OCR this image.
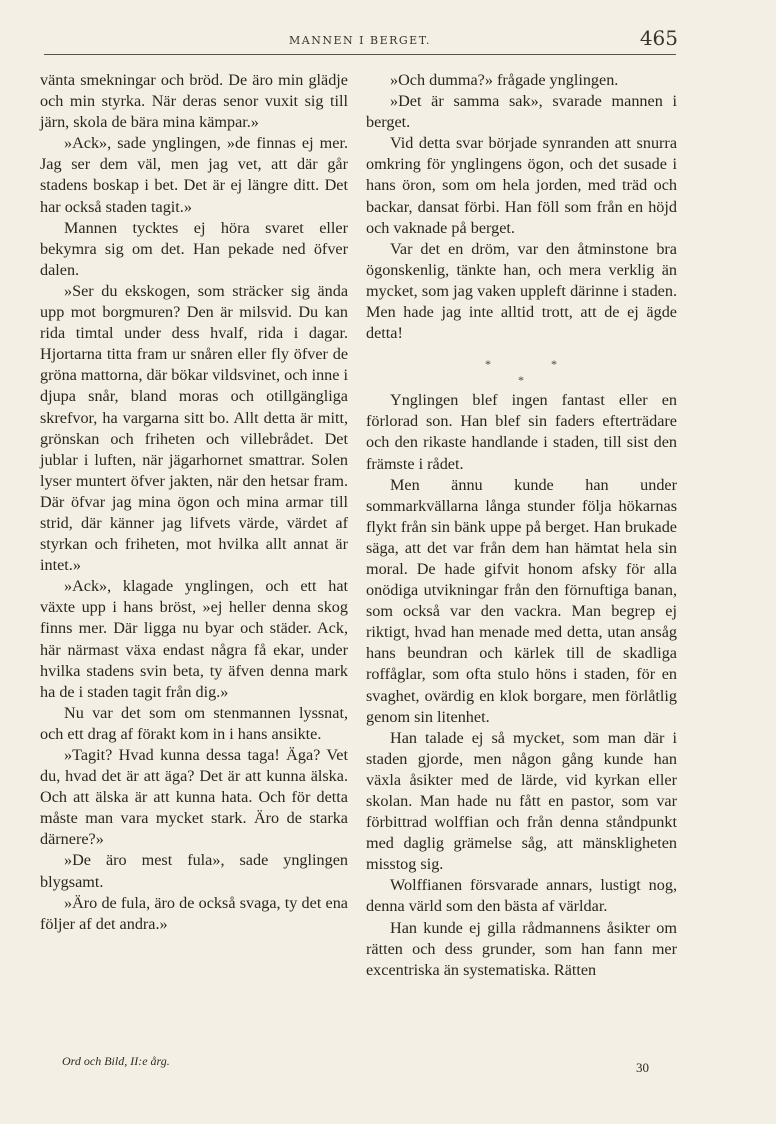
MANNEN I BERGET.	465

vänta smekningar och bröd. De äro min glädje och min styrka. När deras senor vuxit sig till järn, skola de bära mina kämpar.»

»Ack», sade ynglingen, »de finnas ej mer. Jag ser dem väl, men jag vet, att där går stadens boskap i bet. Det är ej längre ditt. Det har också staden tagit.»

Mannen tycktes ej höra svaret eller bekymra sig om det. Han pekade ned öfver dalen.

»Ser du ekskogen, som sträcker sig ända upp mot borgmuren? Den är milsvid. Du kan rida timtal under dess hvalf, rida i dagar. Hjortarna titta fram ur snåren eller fly öfver de gröna mattorna, där bökar vildsvinet, och inne i djupa snår, bland moras och otillgängliga skrefvor, ha vargarna sitt bo. Allt detta är mitt, grönskan och friheten och villebrådet. Det jublar i luften, när jägarhornet smattrar. Solen lyser muntert öfver jakten, när den hetsar fram. Där öfvar jag mina ögon och mina armar till strid, där känner jag lifvets värde, värdet af styrkan och friheten, mot hvilka allt annat är intet.»

»Ack», klagade ynglingen, och ett hat växte upp i hans bröst, »ej heller denna skog finns mer. Där ligga nu byar och städer. Ack, här närmast växa endast några få ekar, under hvilka stadens svin beta, ty äfven denna mark ha de i staden tagit från dig.»

Nu var det som om stenmannen lyssnat, och ett drag af förakt kom in i hans ansikte.

»Tagit? Hvad kunna dessa taga! Äga? Vet du, hvad det är att äga? Det är att kunna älska. Och att älska är att kunna hata. Och för detta måste man vara mycket stark. Äro de starka därnere?»

»De äro mest fula», sade ynglingen blygsamt.

»Äro de fula, äro de också svaga, ty det ena följer af det andra.»

»Och dumma?» frågade ynglingen.

»Det är samma sak», svarade mannen i berget.

Vid detta svar började synranden att snurra omkring för ynglingens ögon, och det susade i hans öron, som om hela jorden, med träd och backar, dansat förbi. Han föll som från en höjd och vaknade på berget.

Var det en dröm, var den åtminstone bra ögonskenlig, tänkte han, och mera verklig än mycket, som jag vaken uppleft därinne i staden. Men hade jag inte alltid trott, att de ej ägde detta!

*	*
*

Ynglingen blef ingen fantast eller en förlorad son. Han blef sin faders efterträdare och den rikaste handlande i staden, till sist den främste i rådet.

Men ännu kunde han under sommarkvällarna långa stunder följa hökarnas flykt från sin bänk uppe på berget. Han brukade säga, att det var från dem han hämtat hela sin moral. De hade gifvit honom afsky för alla onödiga utvikningar från den förnuftiga banan, som också var den vackra. Man begrep ej riktigt, hvad han menade med detta, utan ansåg hans beundran och kärlek till de skadliga roffåglar, som ofta stulo höns i staden, för en svaghet, ovärdig en klok borgare, men förlåtlig genom sin litenhet.

Han talade ej så mycket, som man där i staden gjorde, men någon gång kunde han växla åsikter med de lärde, vid kyrkan eller skolan. Man hade nu fått en pastor, som var förbittrad wolffian och från denna ståndpunkt med daglig grämelse såg, att mänskligheten misstog sig.

Wolffianen försvarade annars, lustigt nog, denna värld som den bästa af världar.

Han kunde ej gilla rådmannens åsikter om rätten och dess grunder, som han fann mer excentriska än systematiska. Rätten

Ord och Bild, II:e årg.	30
